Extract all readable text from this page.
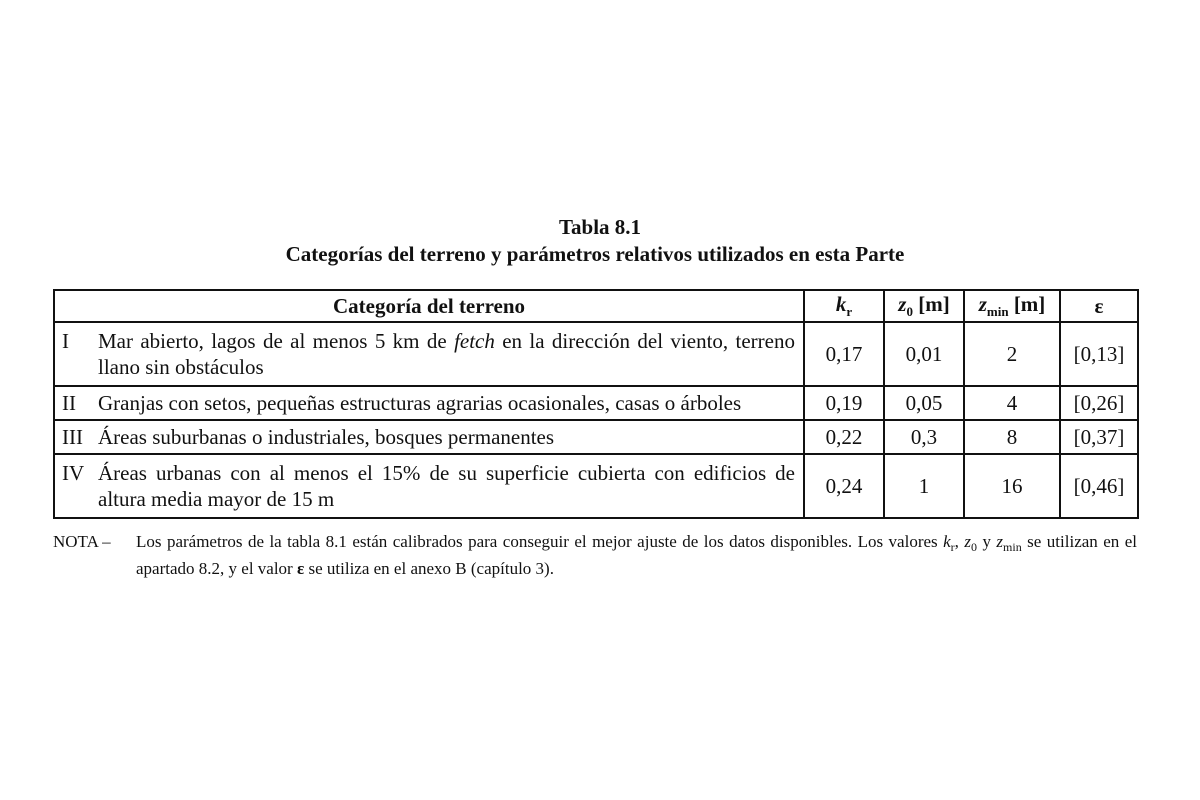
Tabla 8.1
Categorías del terreno y parámetros relativos utilizados en esta Parte
Categoría del terreno	$k_r$	$z_0$ [m]	$z_{min}$ [m]	ε

I Mar abierto, lagos de al menos 5 km de fetch en la dirección del viento, terreno llano sin obstáculos	0,17	0,01	2	[0,13]

II Granjas con setos, pequeñas estructuras agrarias ocasionales, casas o árboles	0,19	0,05	4	[0,26]

III Áreas suburbanas o industriales, bosques permanentes	0,22	0,3	8	[0,37]

IV Áreas urbanas con al menos el 15% de su superficie cubierta con edificios de altura media mayor de 15 m	0,24	1	16	[0,46]
NOTA –	Los parámetros de la tabla 8.1 están calibrados para conseguir el mejor ajuste de los datos disponibles. Los valores $k_r$, $z_0$ y $z_{min}$ se utilizan en el apartado 8.2, y el valor ε se utiliza en el anexo B (capítulo 3).
